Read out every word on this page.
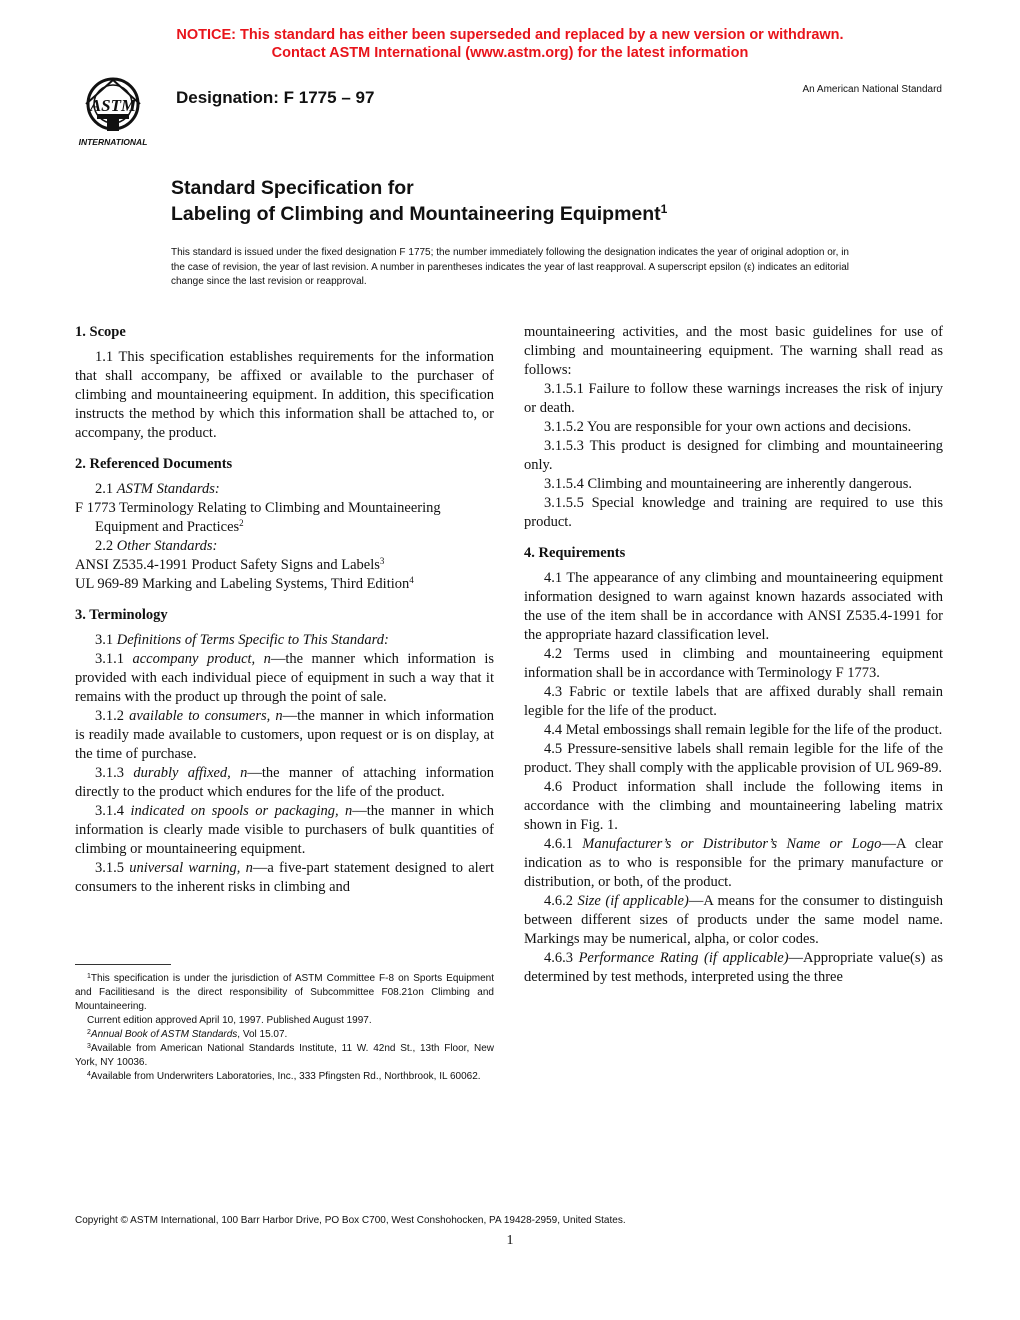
NOTICE: This standard has either been superseded and replaced by a new version or withdrawn.
Contact ASTM International (www.astm.org) for the latest information
ASTM
INTERNATIONAL
Designation: F 1775 – 97	An American National Standard
Standard Specification for
Labeling of Climbing and Mountaineering Equipment$^1$
This standard is issued under the fixed designation F 1775; the number immediately following the designation indicates the year of original adoption or, in the case of revision, the year of last revision. A number in parentheses indicates the year of last reapproval. A superscript epsilon (ε) indicates an editorial change since the last revision or reapproval.
1. Scope

1.1 This specification establishes requirements for the information that shall accompany, be affixed or available to the purchaser of climbing and mountaineering equipment. In addition, this specification instructs the method by which this information shall be attached to, or accompany, the product.

2. Referenced Documents

2.1 ASTM Standards:

F 1773 Terminology Relating to Climbing and Mountaineering Equipment and Practices$^2$

2.2 Other Standards:

ANSI Z535.4-1991 Product Safety Signs and Labels$^3$

UL 969-89 Marking and Labeling Systems, Third Edition$^4$

3. Terminology

3.1 Definitions of Terms Specific to This Standard:

3.1.1 accompany product, n—the manner which information is provided with each individual piece of equipment in such a way that it remains with the product up through the point of sale.

3.1.2 available to consumers, n—the manner in which information is readily made available to customers, upon request or is on display, at the time of purchase.

3.1.3 durably affixed, n—the manner of attaching information directly to the product which endures for the life of the product.

3.1.4 indicated on spools or packaging, n—the manner in which information is clearly made visible to purchasers of bulk quantities of climbing or mountaineering equipment.

3.1.5 universal warning, n—a five-part statement designed to alert consumers to the inherent risks in climbing and

$^1$This specification is under the jurisdiction of ASTM Committee F-8 on Sports Equipment and Facilitiesand is the direct responsibility of Subcommittee F08.21on Climbing and Mountaineering.

Current edition approved April 10, 1997. Published August 1997.

$^2$Annual Book of ASTM Standards, Vol 15.07.

$^3$Available from American National Standards Institute, 11 W. 42nd St., 13th Floor, New York, NY 10036.

$^4$Available from Underwriters Laboratories, Inc., 333 Pfingsten Rd., Northbrook, IL 60062.

mountaineering activities, and the most basic guidelines for use of climbing and mountaineering equipment. The warning shall read as follows:

3.1.5.1 Failure to follow these warnings increases the risk of injury or death.

3.1.5.2 You are responsible for your own actions and decisions.

3.1.5.3 This product is designed for climbing and mountaineering only.

3.1.5.4 Climbing and mountaineering are inherently dangerous.

3.1.5.5 Special knowledge and training are required to use this product.

4. Requirements

4.1 The appearance of any climbing and mountaineering equipment information designed to warn against known hazards associated with the use of the item shall be in accordance with ANSI Z535.4-1991 for the appropriate hazard classification level.

4.2 Terms used in climbing and mountaineering equipment information shall be in accordance with Terminology F 1773.

4.3 Fabric or textile labels that are affixed durably shall remain legible for the life of the product.

4.4 Metal embossings shall remain legible for the life of the product.

4.5 Pressure-sensitive labels shall remain legible for the life of the product. They shall comply with the applicable provision of UL 969-89.

4.6 Product information shall include the following items in accordance with the climbing and mountaineering labeling matrix shown in Fig. 1.

4.6.1 Manufacturer’s or Distributor’s Name or Logo—A clear indication as to who is responsible for the primary manufacture or distribution, or both, of the product.

4.6.2 Size (if applicable)—A means for the consumer to distinguish between different sizes of products under the same model name. Markings may be numerical, alpha, or color codes.

4.6.3 Performance Rating (if applicable)—Appropriate value(s) as determined by test methods, interpreted using the three

Copyright © ASTM International, 100 Barr Harbor Drive, PO Box C700, West Conshohocken, PA 19428-2959, United States.
1
